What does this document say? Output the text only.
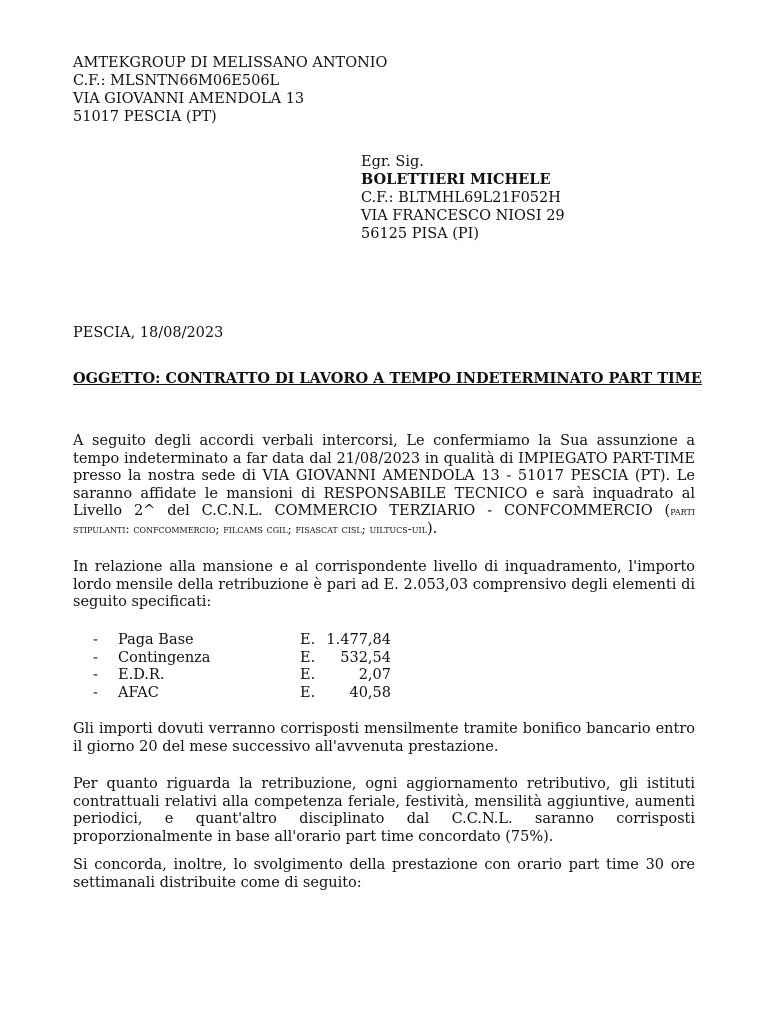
AMTEKGROUP DI MELISSANO ANTONIO
C.F.: MLSNTN66M06E506L
VIA GIOVANNI AMENDOLA 13
51017 PESCIA (PT)
Egr. Sig.
BOLETTIERI MICHELE
C.F.: BLTMHL69L21F052H
VIA FRANCESCO NIOSI 29
56125 PISA (PI)
PESCIA, 18/08/2023
OGGETTO: CONTRATTO DI LAVORO A TEMPO INDETERMINATO PART TIME
A seguito degli accordi verbali intercorsi, Le confermiamo la Sua assunzione a tempo indeterminato a far data dal 21/08/2023 in qualità di IMPIEGATO PART-TIME presso la nostra sede di VIA GIOVANNI AMENDOLA 13 - 51017 PESCIA (PT). Le saranno affidate le mansioni di RESPONSABILE TECNICO e sarà inquadrato al Livello 2^ del C.C.N.L. COMMERCIO TERZIARIO - CONFCOMMERCIO (parti stipulanti: confcommercio; filcams cgil; fisascat cisl; uiltucs-uil).
In relazione alla mansione e al corrispondente livello di inquadramento, l'importo lordo mensile della retribuzione è pari ad E. 2.053,03 comprensivo degli elementi di seguito specificati:
- Paga Base	E. 1.477,84
- Contingenza	E.	532,54
- E.D.R.	E.	2,07
- AFAC	E.	40,58
Gli importi dovuti verranno corrisposti mensilmente tramite bonifico bancario entro il giorno 20 del mese successivo all'avvenuta prestazione.
Per quanto riguarda la retribuzione, ogni aggiornamento retributivo, gli istituti contrattuali relativi alla competenza feriale, festività, mensilità aggiuntive, aumenti periodici, e quant'altro disciplinato dal C.C.N.L. saranno corrisposti proporzionalmente in base all'orario part time concordato (75%).
Si concorda, inoltre, lo svolgimento della prestazione con orario part time 30 ore settimanali distribuite come di seguito:
